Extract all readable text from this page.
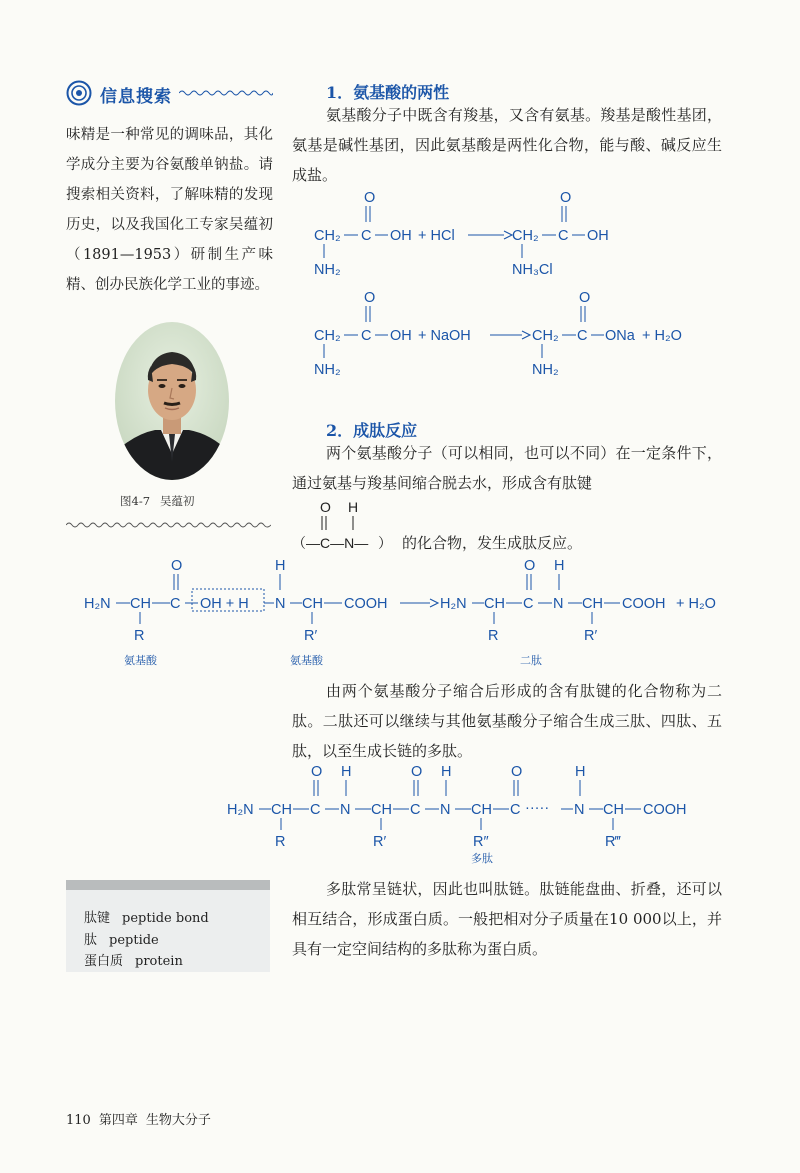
信息搜索
味精是一种常见的调味品，其化学成分主要为谷氨酸单钠盐。请搜索相关资料，了解味精的发现历史，以及我国化工专家吴蕴初（1891—1953）研制生产味精、创办民族化学工业的事迹。
图4-7 吴蕴初
1．氨基酸的两性
氨基酸分子中既含有羧基，又含有氨基。羧基是酸性基团，氨基是碱性基团，因此氨基酸是两性化合物，能与酸、碱反应生成盐。
O
CH₂ C OH + HCl
NH₂
O
CH₂ C OH
NH₃Cl
O
CH₂ C OH + NaOH
NH₂
O
CH₂ C ONa + H₂O
NH₂
2．成肽反应
两个氨基酸分子（可以相同，也可以不同）在一定条件下，通过氨基与羧基间缩合脱去水，形成含有肽键
O H
（ —C—N— ） 的化合物，发生成肽反应。
H₂N CH C
O
OH + H N
H
CH COOH
R	R′
H₂N CH C
O
N
H
CH COOH + H₂O
R	R′
氨基酸	氨基酸	二肽
由两个氨基酸分子缩合后形成的含有肽键的化合物称为二肽。二肽还可以继续与其他氨基酸分子缩合生成三肽、四肽、五肽，以至生成长链的多肽。
H₂N CH C
O
N
H
CH C
O
N
H
CH C
O
····· N
H
CH COOH
R	R′	R″	R‴
多肽
肽键 peptide bond
肽 peptide
蛋白质 protein
多肽常呈链状，因此也叫肽链。肽链能盘曲、折叠，还可以相互结合，形成蛋白质。一般把相对分子质量在10 000以上，并具有一定空间结构的多肽称为蛋白质。
110 第四章 生物大分子
